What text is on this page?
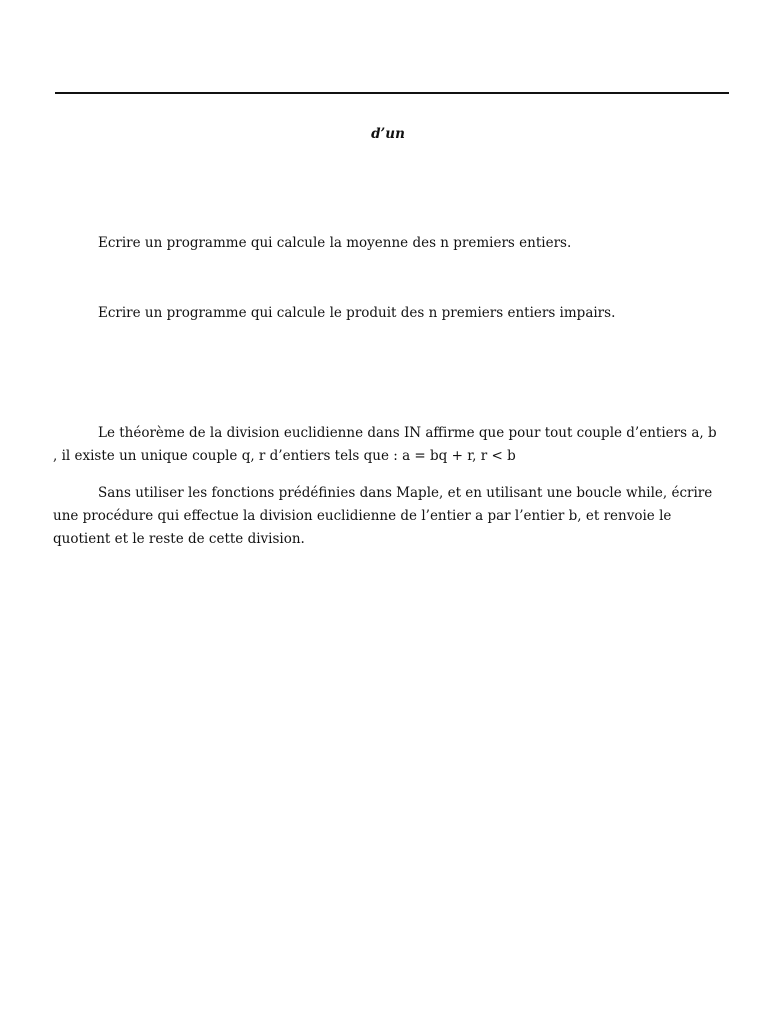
d’un

Ecrire un programme qui calcule la moyenne des n premiers entiers.

Ecrire un programme qui calcule le produit des n premiers entiers impairs.

Le théorème de la division euclidienne dans IN affirme que pour tout couple d’entiers a, b , il existe un unique couple q, r d’entiers tels que : a = bq + r, r < b

Sans utiliser les fonctions prédéfinies dans Maple, et en utilisant une boucle while, écrire une procédure qui effectue la division euclidienne de l’entier a par l’entier b, et renvoie le quotient et le reste de cette division.
